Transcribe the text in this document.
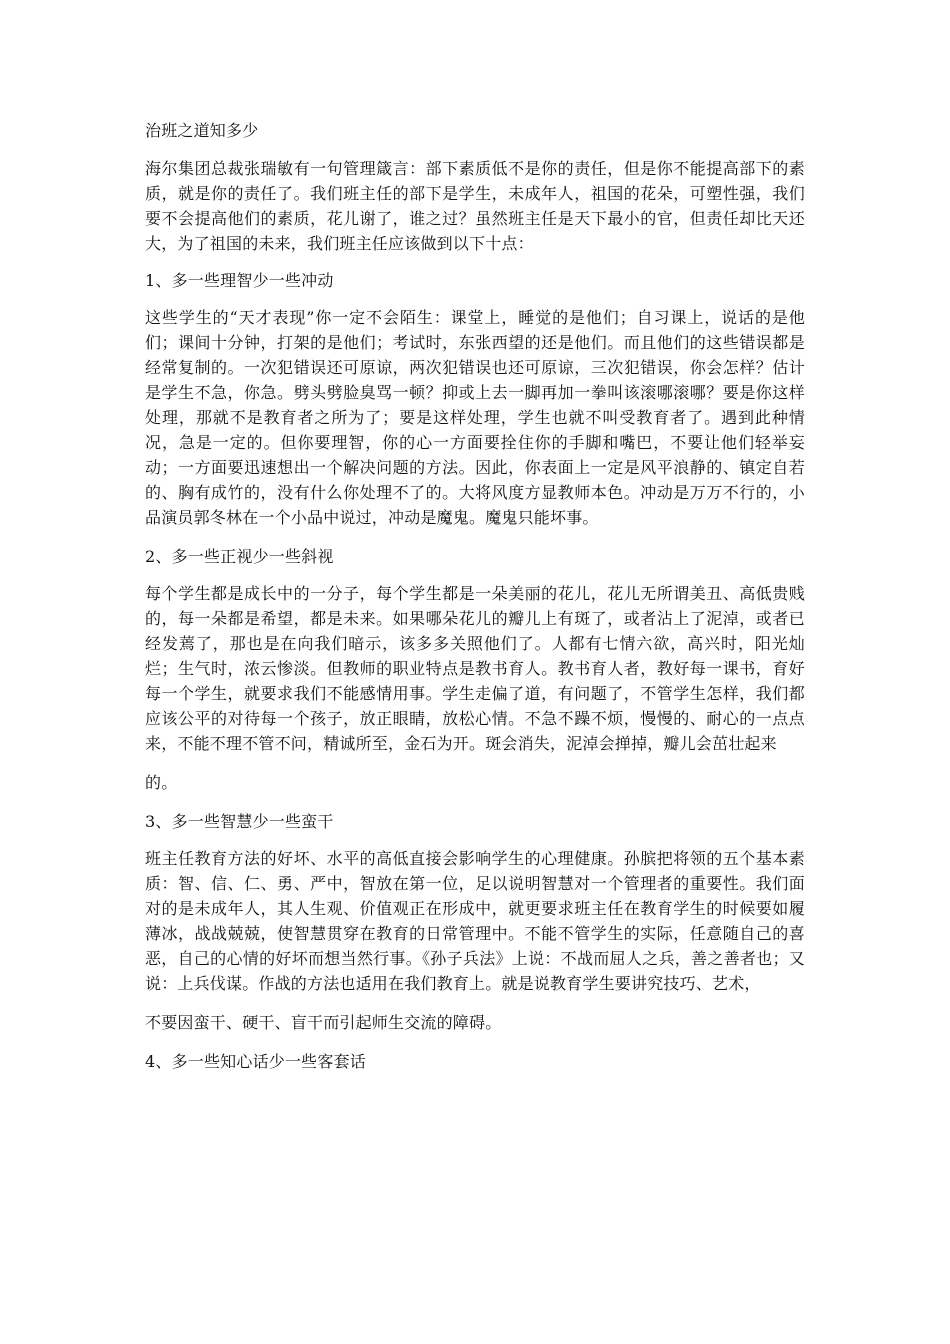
治班之道知多少

海尔集团总裁张瑞敏有一句管理箴言：部下素质低不是你的责任，但是你不能提高部下的素质，就是你的责任了。我们班主任的部下是学生，未成年人，祖国的花朵，可塑性强，我们要不会提高他们的素质，花儿谢了，谁之过？虽然班主任是天下最小的官，但责任却比天还大，为了祖国的未来，我们班主任应该做到以下十点：

1、多一些理智少一些冲动

这些学生的“天才表现”你一定不会陌生：课堂上，睡觉的是他们；自习课上，说话的是他们；课间十分钟，打架的是他们；考试时，东张西望的还是他们。而且他们的这些错误都是经常复制的。一次犯错误还可原谅，两次犯错误也还可原谅，三次犯错误，你会怎样？估计是学生不急，你急。劈头劈脸臭骂一顿？抑或上去一脚再加一拳叫该滚哪滚哪？要是你这样处理，那就不是教育者之所为了；要是这样处理，学生也就不叫受教育者了。遇到此种情况，急是一定的。但你要理智，你的心一方面要拴住你的手脚和嘴巴，不要让他们轻举妄动；一方面要迅速想出一个解决问题的方法。因此，你表面上一定是风平浪静的、镇定自若的、胸有成竹的，没有什么你处理不了的。大将风度方显教师本色。冲动是万万不行的，小品演员郭冬林在一个小品中说过，冲动是魔鬼。魔鬼只能坏事。

2、多一些正视少一些斜视

每个学生都是成长中的一分子，每个学生都是一朵美丽的花儿，花儿无所谓美丑、高低贵贱的，每一朵都是希望，都是未来。如果哪朵花儿的瓣儿上有斑了，或者沾上了泥淖，或者已经发蔫了，那也是在向我们暗示，该多多关照他们了。人都有七情六欲，高兴时，阳光灿烂；生气时，浓云惨淡。但教师的职业特点是教书育人。教书育人者，教好每一课书，育好每一个学生，就要求我们不能感情用事。学生走偏了道，有问题了，不管学生怎样，我们都应该公平的对待每一个孩子，放正眼睛，放松心情。不急不躁不烦，慢慢的、耐心的一点点来，不能不理不管不问，精诚所至，金石为开。斑会消失，泥淖会掸掉，瓣儿会茁壮起来

的。

3、多一些智慧少一些蛮干

班主任教育方法的好坏、水平的高低直接会影响学生的心理健康。孙膑把将领的五个基本素质：智、信、仁、勇、严中，智放在第一位，足以说明智慧对一个管理者的重要性。我们面对的是未成年人，其人生观、价值观正在形成中，就更要求班主任在教育学生的时候要如履薄冰，战战兢兢，使智慧贯穿在教育的日常管理中。不能不管学生的实际，任意随自己的喜恶，自己的心情的好坏而想当然行事。《孙子兵法》上说：不战而屈人之兵，善之善者也；又说：上兵伐谋。作战的方法也适用在我们教育上。就是说教育学生要讲究技巧、艺术，

不要因蛮干、硬干、盲干而引起师生交流的障碍。

4、多一些知心话少一些客套话
